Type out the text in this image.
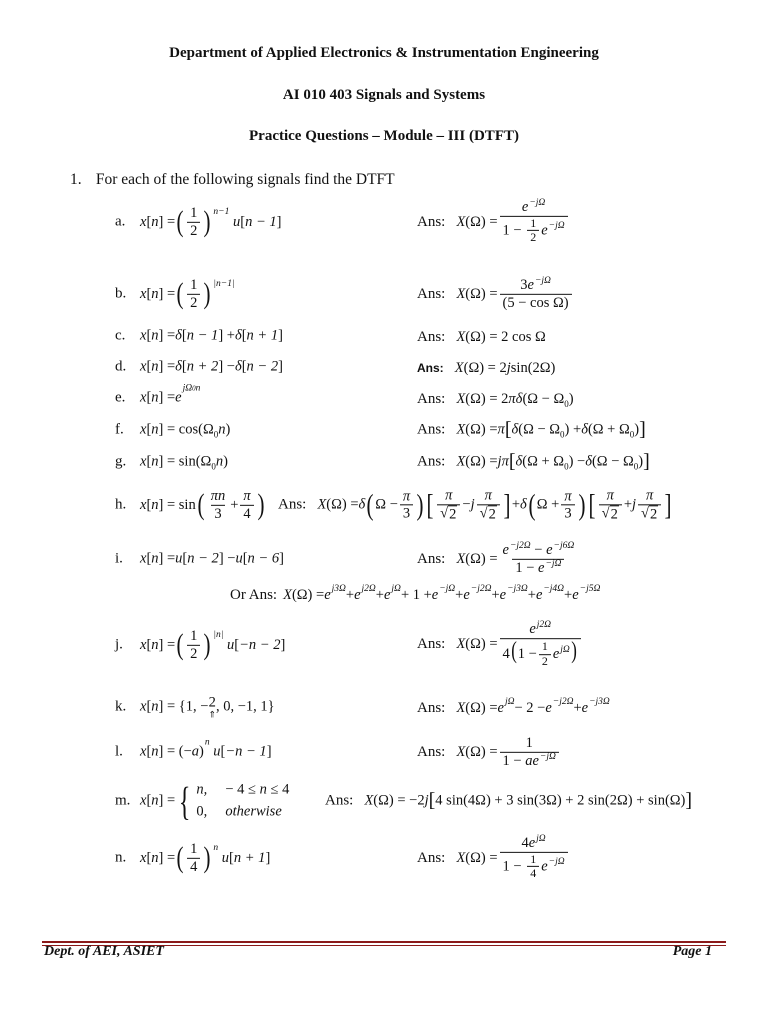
Department of Applied Electronics & Instrumentation Engineering
AI 010 403 Signals and Systems
Practice Questions – Module – III (DTFT)
1. For each of the following signals find the DTFT
a. x [ n ] = ( $\frac{1}{2}$ ) n−1
u [ n − 1 ]	Ans: X $(\Omega) = \frac{e^{-j\Omega}}{1 - \frac{1}{2} e^{-j\Omega}}$
b. x [ n ] = ( $\frac{1}{2}$ ) |n−1|
Ans: X $(\Omega) = \frac{3e^{-j\Omega}}{\text{(5 − cos Ω)}}$
c. x [ n ] = δ [ n − 1 ] + δ [ n + 1 ]	Ans: X (Ω) = 2 cos Ω
d. x [ n ] = δ [ n + 2 ] − δ [ n − 2 ]	Ans: X (Ω) = 2 j sin(2Ω)
e. x [ n ] = e
jΩ0n
Ans: X (Ω) = 2 πδ (Ω − Ω 0 )
f. x [ n ] = cos(Ω 0 n )	Ans: X (Ω) = π [ δ (Ω − Ω 0 ) + δ (Ω + Ω 0 ) ]
g. x [ n ] = sin(Ω 0 n )	Ans: X (Ω) = jπ [ δ (Ω + Ω 0 ) − δ (Ω − Ω 0 ) ]
h. x [ n ] = sin ( $\frac{\pi n}{3} + \frac{\pi}{4}$ ) Ans: X (Ω) = δ ( $\Omega - \frac{\pi}{3}$ ) [ $\frac{\pi}{√ 2} - j \frac{\pi}{√ 2}$ ] + δ ( $\Omega + \frac{\pi}{3}$ ) [ $\frac{\pi}{√ 2} + j \frac{\pi}{√ 2}$ ]
i. x [ n ] = u [ n − 2 ] − u [ n − 6 ]	Ans: X $(\Omega) = \frac{e^{-j2\Omega} - e^{-j6\Omega}}{1 - e^{-j\Omega}}$
Or Ans: X (Ω) = e j3Ω + e j2Ω + e jΩ + 1 + e −jΩ + e −j2Ω + e −j3Ω + e −j4Ω + e −j5Ω
j. x [ n ] = ( $\frac{1}{2}$ ) |n|
u [ −n − 2 ]	Ans: X $(\Omega) = \frac{e^{j2\Omega}}{4(1 - \frac{1}{2} e^{j\Omega})}$
k. x [ n ] = {1, − 2
⇑ , 0, −1, 1}	Ans: X (Ω) = e jΩ − 2 − e −j2Ω + e −j3Ω
l. x [ n ] = (− a )
n
u [ −n − 1 ]	Ans: X $(\Omega) = \frac{1}{1 - ae^{-j\Omega}}$
m. x [ n ] = { n,     − 4 ≤ n ≤ 4
0,     otherwise
Ans: X (Ω) = −2 j [ 4 sin(4Ω) + 3 sin(3Ω) + 2 sin(2Ω) + sin(Ω) ]
n. x [ n ] = ( $\frac{1}{4}$ ) n
u [ n + 1 ]	Ans: X $(\Omega) = \frac{4e^{j\Omega}}{1 - \frac{1}{4} e^{-j\Omega}}$
Dept. of AEI, ASIET	Page 1
